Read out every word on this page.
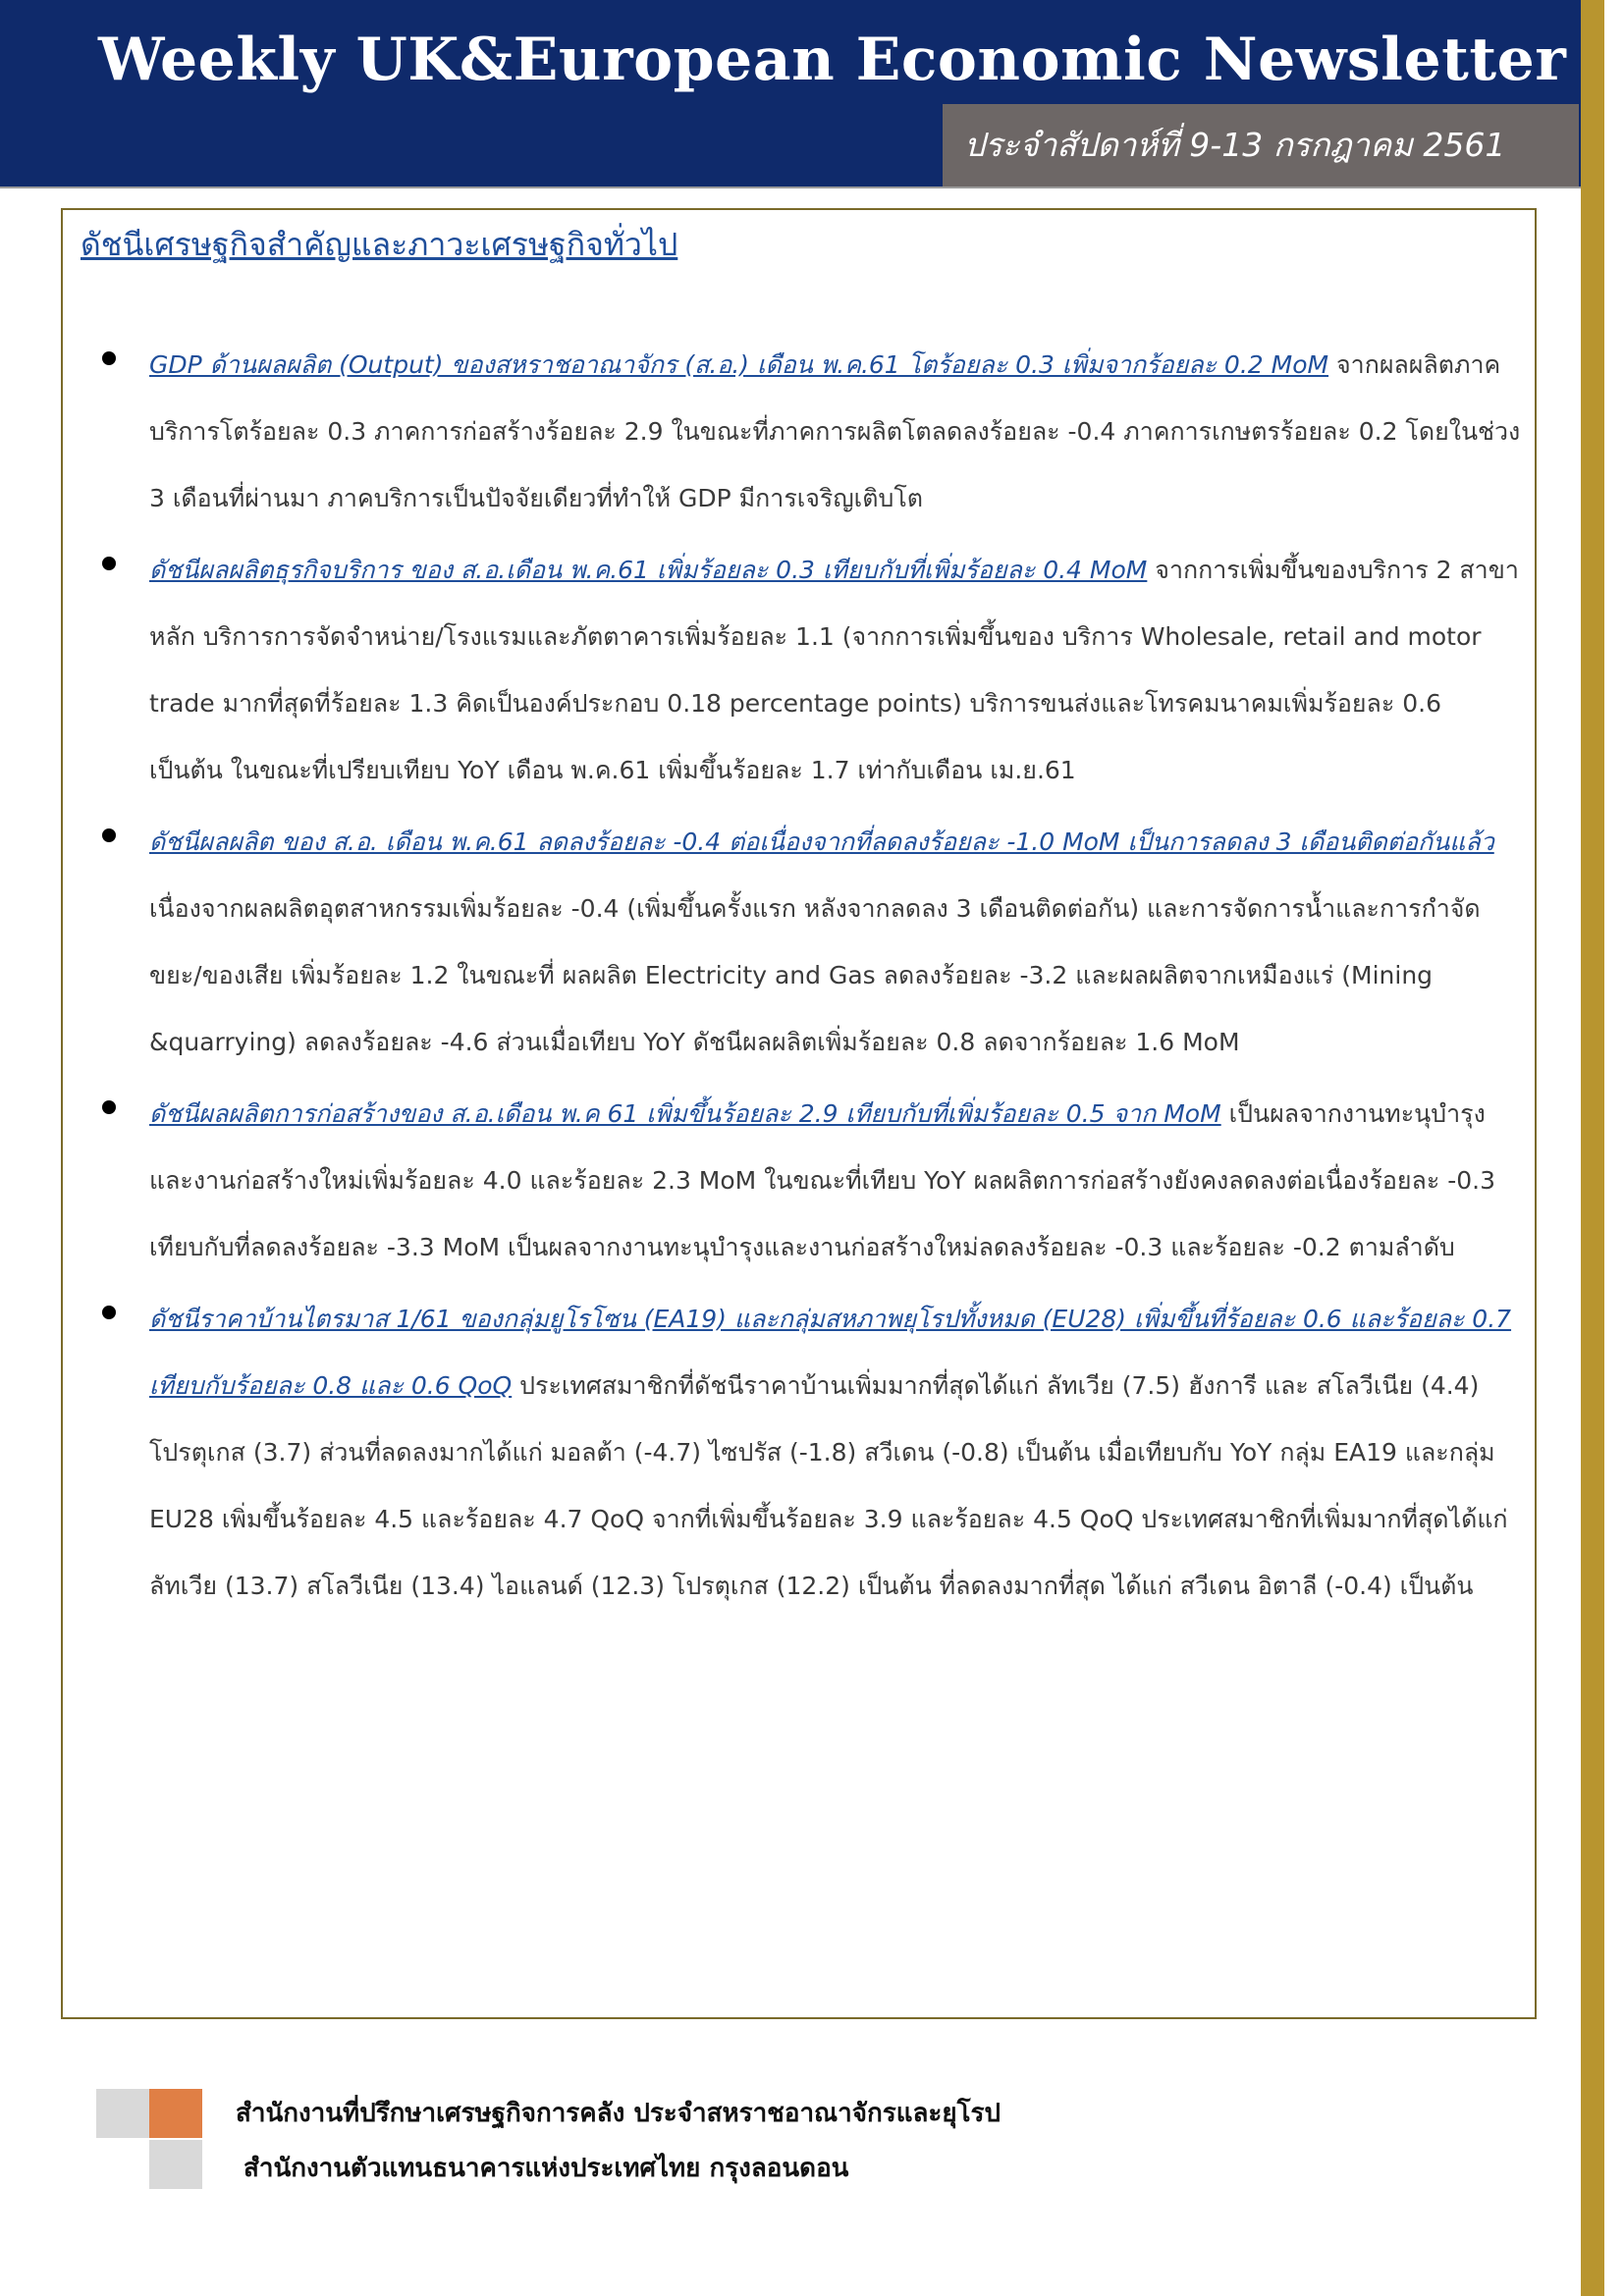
Weekly UK&European Economic Newsletter
ประจำสัปดาห์ที่ 9-13 กรกฎาคม 2561
ดัชนีเศรษฐกิจสำคัญและภาวะเศรษฐกิจทั่วไป
GDP ด้านผลผลิต (Output) ของสหราชอาณาจักร (ส.อ.) เดือน พ.ค.61 โตร้อยละ 0.3 เพิ่มจากร้อยละ 0.2 MoM จากผลผลิตภาคบริการโตร้อยละ 0.3 ภาคการก่อสร้างร้อยละ 2.9 ในขณะที่ภาคการผลิตโตลดลงร้อยละ -0.4 ภาคการเกษตรร้อยละ 0.2 โดยในช่วง 3 เดือนที่ผ่านมา ภาคบริการเป็นปัจจัยเดียวที่ทำให้ GDP มีการเจริญเติบโต
ดัชนีผลผลิตธุรกิจบริการ ของ ส.อ.เดือน พ.ค.61 เพิ่มร้อยละ 0.3 เทียบกับที่เพิ่มร้อยละ 0.4 MoM จากการเพิ่มขึ้นของบริการ 2 สาขาหลัก บริการการจัดจำหน่าย/โรงแรมและภัตตาคารเพิ่มร้อยละ 1.1 (จากการเพิ่มขึ้นของ บริการ Wholesale, retail and motor trade มากที่สุดที่ร้อยละ 1.3 คิดเป็นองค์ประกอบ 0.18 percentage points) บริการขนส่งและโทรคมนาคมเพิ่มร้อยละ 0.6 เป็นต้น ในขณะที่เปรียบเทียบ YoY เดือน พ.ค.61 เพิ่มขึ้นร้อยละ 1.7 เท่ากับเดือน เม.ย.61
ดัชนีผลผลิต ของ ส.อ. เดือน พ.ค.61 ลดลงร้อยละ -0.4 ต่อเนื่องจากที่ลดลงร้อยละ -1.0 MoM เป็นการลดลง 3 เดือนติดต่อกันแล้ว เนื่องจากผลผลิตอุตสาหกรรมเพิ่มร้อยละ -0.4 (เพิ่มขึ้นครั้งแรก หลังจากลดลง 3 เดือนติดต่อกัน) และการจัดการน้ำและการกำจัดขยะ/ของเสีย เพิ่มร้อยละ 1.2 ในขณะที่ ผลผลิต Electricity and Gas ลดลงร้อยละ -3.2 และผลผลิตจากเหมืองแร่ (Mining &quarrying) ลดลงร้อยละ -4.6 ส่วนเมื่อเทียบ YoY ดัชนีผลผลิตเพิ่มร้อยละ 0.8 ลดจากร้อยละ 1.6 MoM
ดัชนีผลผลิตการก่อสร้างของ ส.อ.เดือน พ.ค 61 เพิ่มขึ้นร้อยละ 2.9 เทียบกับที่เพิ่มร้อยละ 0.5 จาก MoM เป็นผลจากงานทะนุบำรุงและงานก่อสร้างใหม่เพิ่มร้อยละ 4.0 และร้อยละ 2.3 MoM ในขณะที่เทียบ YoY ผลผลิตการก่อสร้างยังคงลดลงต่อเนื่องร้อยละ -0.3 เทียบกับที่ลดลงร้อยละ -3.3 MoM เป็นผลจากงานทะนุบำรุงและงานก่อสร้างใหม่ลดลงร้อยละ -0.3 และร้อยละ -0.2 ตามลำดับ
ดัชนีราคาบ้านไตรมาส 1/61 ของกลุ่มยูโรโซน (EA19) และกลุ่มสหภาพยุโรปทั้งหมด (EU28) เพิ่มขึ้นที่ร้อยละ 0.6 และร้อยละ 0.7 เทียบกับร้อยละ 0.8 และ 0.6 QoQ ประเทศสมาชิกที่ดัชนีราคาบ้านเพิ่มมากที่สุดได้แก่ ลัทเวีย (7.5) ฮังการี และ สโลวีเนีย (4.4) โปรตุเกส (3.7) ส่วนที่ลดลงมากได้แก่ มอลต้า (-4.7) ไซปรัส (-1.8) สวีเดน (-0.8) เป็นต้น เมื่อเทียบกับ YoY กลุ่ม EA19 และกลุ่ม EU28 เพิ่มขึ้นร้อยละ 4.5 และร้อยละ 4.7 QoQ จากที่เพิ่มขึ้นร้อยละ 3.9 และร้อยละ 4.5 QoQ ประเทศสมาชิกที่เพิ่มมากที่สุดได้แก่ ลัทเวีย (13.7) สโลวีเนีย (13.4) ไอแลนด์ (12.3) โปรตุเกส (12.2) เป็นต้น ที่ลดลงมากที่สุด ได้แก่ สวีเดน อิตาลี (-0.4) เป็นต้น
สำนักงานที่ปรึกษาเศรษฐกิจการคลัง ประจำสหราชอาณาจักรและยุโรป
สำนักงานตัวแทนธนาคารแห่งประเทศไทย กรุงลอนดอน
